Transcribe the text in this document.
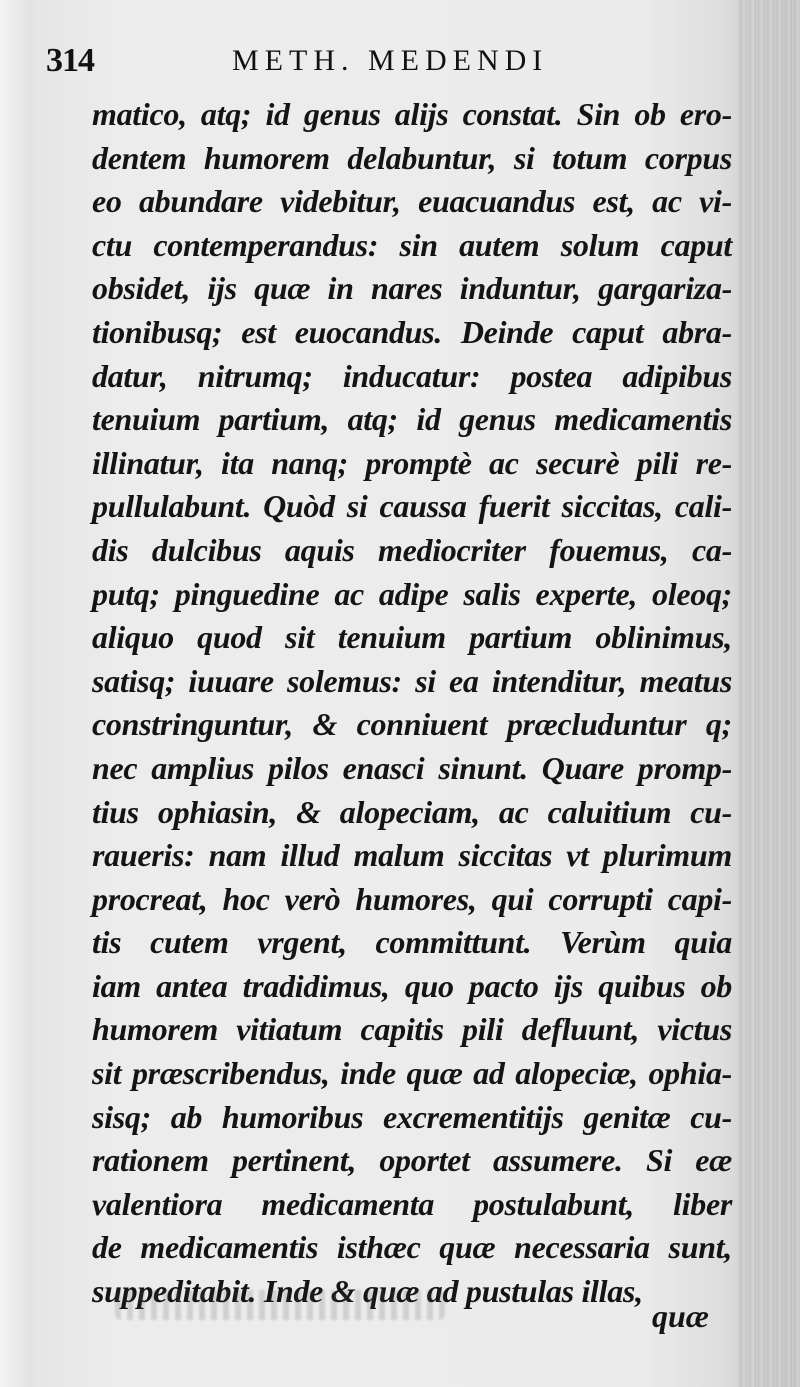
314	METH. MEDENDI
matico, atq; id genus alijs constat. Sin ob ero-
dentem humorem delabuntur, si totum corpus
eo abundare videbitur, euacuandus est, ac vi-
ctu contemperandus: sin autem solum caput
obsidet, ijs quæ in nares induntur, gargariza-
tionibusq; est euocandus. Deinde caput abra-
datur, nitrumq; inducatur: postea adipibus
tenuium partium, atq; id genus medicamentis
illinatur, ita nanq; promptè ac securè pili re-
pullulabunt. Quòd si caussa fuerit siccitas, cali-
dis dulcibus aquis mediocriter fouemus, ca-
putq; pinguedine ac adipe salis experte, oleoq;
aliquo quod sit tenuium partium oblinimus,
satisq; iuuare solemus: si ea intenditur, meatus
constringuntur, & conniuent præcluduntur q;
nec amplius pilos enasci sinunt. Quare promp-
tius ophiasin, & alopeciam, ac caluitium cu-
raueris: nam illud malum siccitas vt plurimum
procreat, hoc verò humores, qui corrupti capi-
tis cutem vrgent, committunt. Verùm quia
iam antea tradidimus, quo pacto ijs quibus ob
humorem vitiatum capitis pili defluunt, victus
sit præscribendus, inde quæ ad alopeciæ, ophia-
sisq; ab humoribus excrementitijs genitæ cu-
rationem pertinent, oportet assumere. Si eæ
valentiora medicamenta postulabunt, liber
de medicamentis isthæc quæ necessaria sunt,
suppeditabit. Inde & quæ ad pustulas illas,
quæ
